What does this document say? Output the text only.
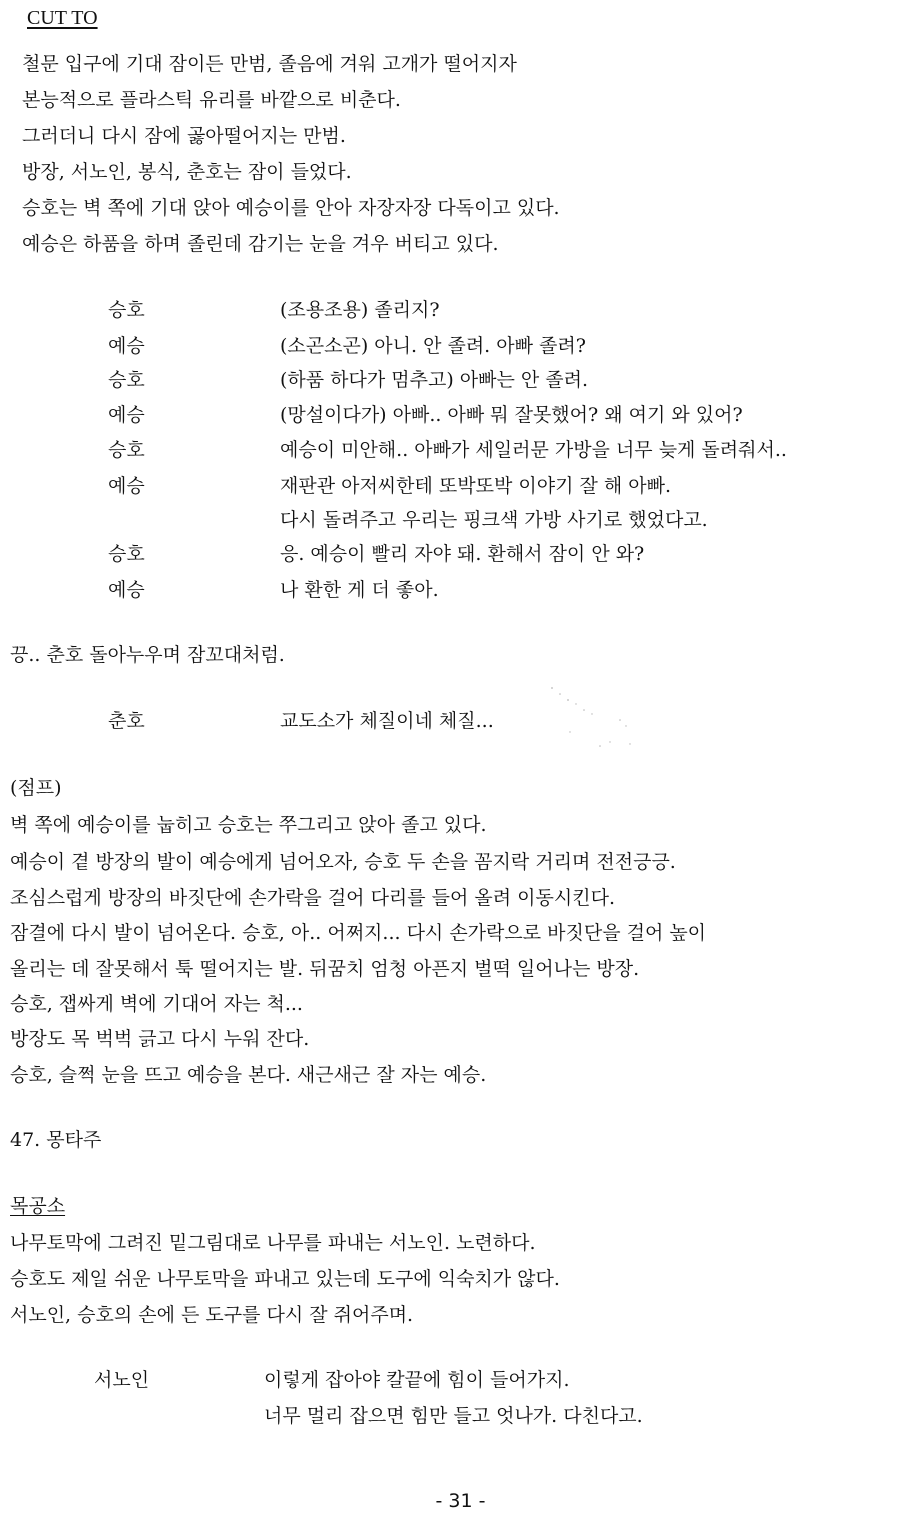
CUT TO
철문 입구에 기대 잠이든 만범, 졸음에 겨워 고개가 떨어지자
본능적으로 플라스틱 유리를 바깥으로 비춘다.
그러더니 다시 잠에 곯아떨어지는 만범.
방장, 서노인, 봉식, 춘호는 잠이 들었다.
승호는 벽 쪽에 기대 앉아 예승이를 안아 자장자장 다독이고 있다.
예승은 하품을 하며 졸린데 감기는 눈을 겨우 버티고 있다.
승호	(조용조용) 졸리지?
예승	(소곤소곤) 아니. 안 졸려. 아빠 졸려?
승호	(하품 하다가 멈추고) 아빠는 안 졸려.
예승	(망설이다가) 아빠.. 아빠 뭐 잘못했어? 왜 여기 와 있어?
승호	예승이 미안해.. 아빠가 세일러문 가방을 너무 늦게 돌려줘서..
예승	재판관 아저씨한테 또박또박 이야기 잘 해 아빠.
다시 돌려주고 우리는 핑크색 가방 사기로 했었다고.
승호	응. 예승이 빨리 자야 돼. 환해서 잠이 안 와?
예승	나 환한 게 더 좋아.
끙.. 춘호 돌아누우며 잠꼬대처럼.
춘호	교도소가 체질이네 체질...
(점프)
벽 쪽에 예승이를 눕히고 승호는 쭈그리고 앉아 졸고 있다.
예승이 곁 방장의 발이 예승에게 넘어오자, 승호 두 손을 꼼지락 거리며 전전긍긍.
조심스럽게 방장의 바짓단에 손가락을 걸어 다리를 들어 올려 이동시킨다.
잠결에 다시 발이 넘어온다. 승호, 아.. 어쩌지... 다시 손가락으로 바짓단을 걸어 높이
올리는 데 잘못해서 툭 떨어지는 발. 뒤꿈치 엄청 아픈지 벌떡 일어나는 방장.
승호, 잽싸게 벽에 기대어 자는 척...
방장도 목 벅벅 긁고 다시 누워 잔다.
승호, 슬쩍 눈을 뜨고 예승을 본다. 새근새근 잘 자는 예승.
47. 몽타주
목공소
나무토막에 그려진 밑그림대로 나무를 파내는 서노인. 노련하다.
승호도 제일 쉬운 나무토막을 파내고 있는데 도구에 익숙치가 않다.
서노인, 승호의 손에 든 도구를 다시 잘 쥐어주며.
서노인	이렇게 잡아야 칼끝에 힘이 들어가지.
너무 멀리 잡으면 힘만 들고 엇나가. 다친다고.
- 31 -
